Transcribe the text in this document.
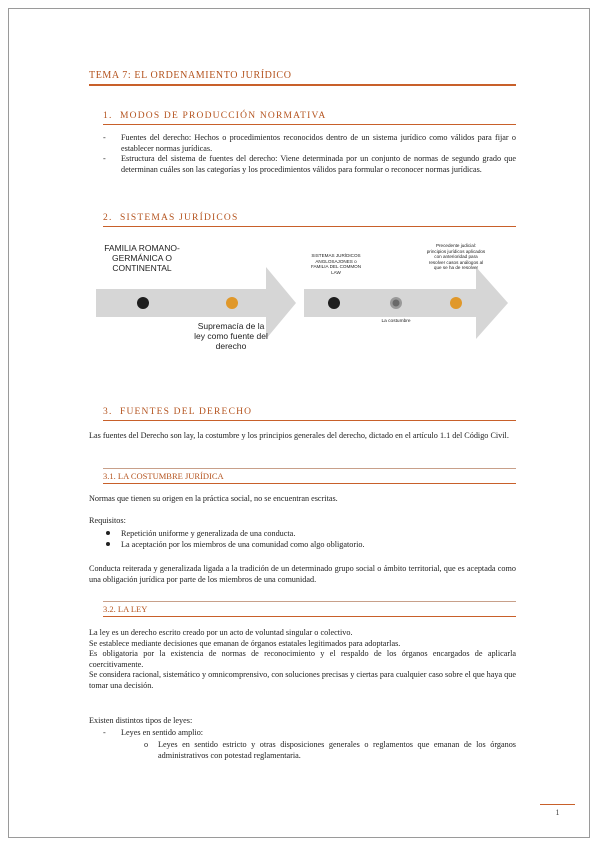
TEMA 7: EL ORDENAMIENTO JURÍDICO
1. MODOS DE PRODUCCIÓN NORMATIVA
- Fuentes del derecho: Hechos o procedimientos reconocidos dentro de un sistema jurídico como válidos para fijar o establecer normas jurídicas.
- Estructura del sistema de fuentes del derecho: Viene determinada por un conjunto de normas de segundo grado que determinan cuáles son las categorías y los procedimientos válidos para formular o reconocer normas jurídicas.
2. SISTEMAS JURÍDICOS
FAMILIA ROMANO-GERMÁNICA O CONTINENTAL
Supremacía de la ley como fuente del derecho
SISTEMAS JURÍDICOS ANGLOSAJONES o FAMILIA DEL COMMON LAW
Precedente judicial: principios jurídicos aplicados con anterioridad para resolver casos análogos al que se ha de resolver
La costumbre
3. FUENTES DEL DERECHO
Las fuentes del Derecho son lay, la costumbre y los principios generales del derecho, dictado en el artículo 1.1 del Código Civil.
3.1. LA COSTUMBRE JURÍDICA
Normas que tienen su origen en la práctica social, no se encuentran escritas.
Requisitos:
Repetición uniforme y generalizada de una conducta.
La aceptación por los miembros de una comunidad como algo obligatorio.
Conducta reiterada y generalizada ligada a la tradición de un determinado grupo social o ámbito territorial, que es aceptada como una obligación jurídica por parte de los miembros de una comunidad.
3.2. LA LEY
La ley es un derecho escrito creado por un acto de voluntad singular o colectivo.
Se establece mediante decisiones que emanan de órganos estatales legitimados para adoptarlas.
Es obligatoria por la existencia de normas de reconocimiento y el respaldo de los órganos encargados de aplicarla coercitivamente.
Se considera racional, sistemático y omnicomprensivo, con soluciones precisas y ciertas para cualquier caso sobre el que haya que tomar una decisión.
Existen distintos tipos de leyes:
- Leyes en sentido amplio:
o Leyes en sentido estricto y otras disposiciones generales o reglamentos que emanan de los órganos administrativos con potestad reglamentaria.
1
